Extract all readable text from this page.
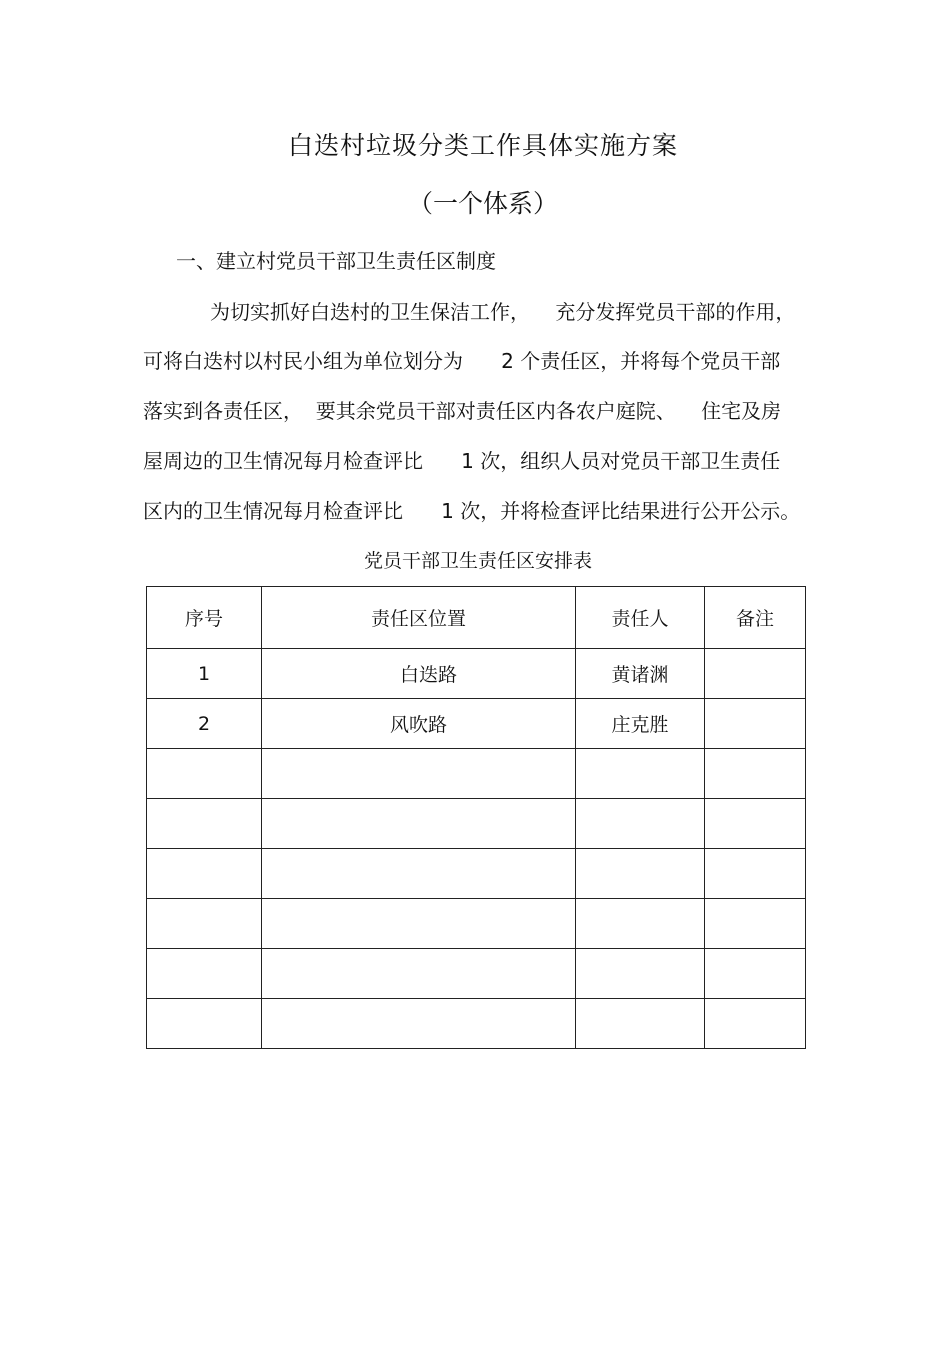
白迭村垃圾分类工作具体实施方案
（一个体系）
一、建立村党员干部卫生责任区制度
为切实抓好白迭村的卫生保洁工作，    充分发挥党员干部的作用，
可将白迭村以村民小组为单位划分为      2 个责任区，并将每个党员干部
落实到各责任区，  要其余党员干部对责任区内各农户庭院、    住宅及房
屋周边的卫生情况每月检查评比      1 次，组织人员对党员干部卫生责任
区内的卫生情况每月检查评比      1 次，并将检查评比结果进行公开公示。
党员干部卫生责任区安排表
序号	责任区位置	责任人	备注
1	白迭路	黄诸渊	
2	风吹路	庄克胜	
